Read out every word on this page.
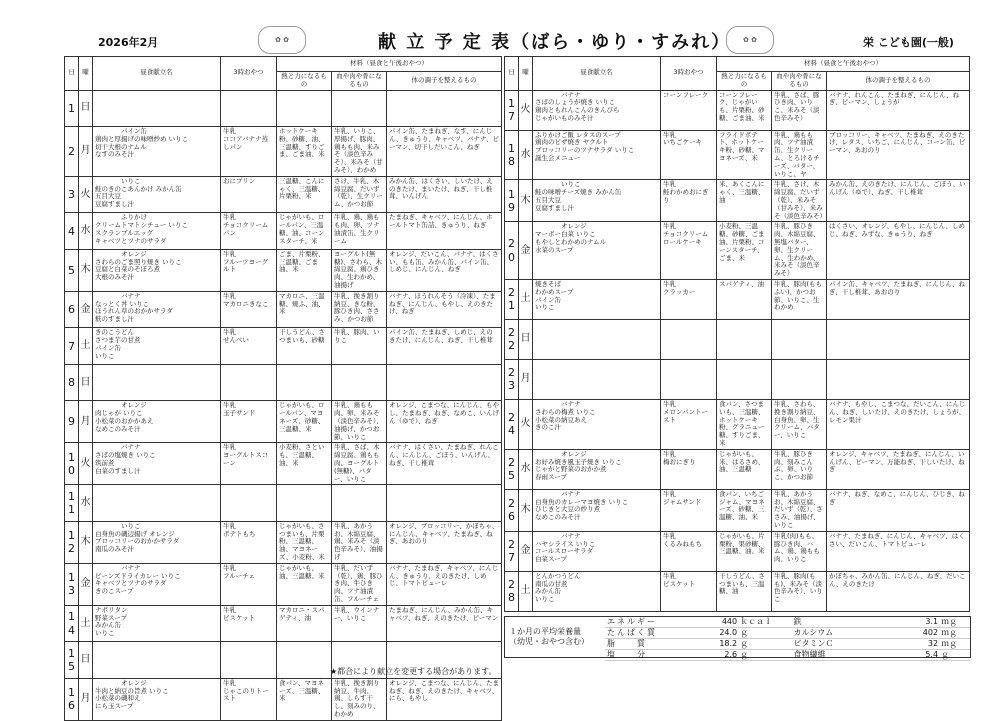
2026年2月	✿ ✿	献 立 予 定 表（ばら・ゆり・すみれ）	✿ ✿	栄 こども園(一般)
日	曜	昼食献立名	3時おやつ	材料（昼食と午後おやつ）		
				熱と力になるもの	血や肉や骨になるもの	体の調子を整えるもの
1	日					
2	月	　　　　パイン缶
鶏肉と厚揚げの味噌炒め いりこ
切干大根のナムル
なすのみそ汁	牛乳
ココアバナナ蒸しパン	ホットケーキ粉、砂糖、油、三温糖、すりごま、ごま油、米	牛乳、いりこ、厚揚げ、豚肉、鶏もも肉、米みそ（淡色辛みそ）、米みそ（甘みそ）、わかめ	パイン缶、たまねぎ、なす、にんじん、きゅうり、キャベツ、バナナ、ピーマン、切干しだいこん、ねぎ
3	火	　　　　いりこ
鮭のきのこあんかけ みかん缶
五目大豆
豆腐すまし汁	おにプリン	三温糖、こんにゃく、三温糖、片栗粉、米	さけ、牛乳、木綿豆腐、だいず（乾）、生クリーム、かつお節	みかん缶、はくさい、しいたけ、えのきたけ、まいたけ、ねぎ、干し椎茸、いんげん
4	水	　　　　ふりかけ
クリームトマトシチュー いりこ
スクランブルエッグ
キャベツとツナのサラダ	牛乳
チョコクリームパン	じゃがいも、ロールパン、三温糖、油、コーンスターチ、米	牛乳、鶏、鶏もも肉、卵、ツナ油漬缶、生クリーム	たまねぎ、キャベツ、にんじん、ホールトマト缶詰、きゅうり、ねぎ
5	木	　　　　オレンジ
さわらのごま照り焼き いりこ
豆腐と白菜のそぼろ煮
大根のみそ汁	牛乳
フルーツヨーグルト	ごま、片栗粉、三温糖、ごま油、米	ヨーグルト(無糖)、さわら、木綿豆腐、鶏ひき肉、生わかめ、油揚げ	オレンジ、だいこん、バナナ、はくさい、もも缶、みかん缶、パイン缶、しめじ、にんじん、ねぎ
6	金	　　　　バナナ
なっとく丼 いりこ
ほうれん草のおかかサラダ
麩のすまし汁	牛乳
マカロニきなこ	マカロニ、三温糖、焼ふ、油、米	牛乳、挽き割り納豆、きな粉、豚ひき肉、ささみ、かつお節	バナナ、ほうれんそう（冷凍）、たまねぎ、にんじん、もやし、えのきたけ、ねぎ
7	土	きのこうどん
さつま芋の甘煮
パイン缶
いりこ	牛乳
せんべい	干しうどん、さつまいも、砂糖	牛乳、豚肉、いりこ	パイン缶、たまねぎ、しめじ、えのきたけ、にんじん、ねぎ、干し椎茸
8	日					
9	月	　　　　オレンジ
肉じゃが いりこ
小松菜のおかかあえ
なめこのみそ汁	牛乳
玉子サンド	じゃがいも、ロールパン、マヨネーズ、砂糖、三温糖、米	牛乳、鶏もも肉、卵、米みそ（淡色辛みそ）、油揚げ、かつお節、いりこ	オレンジ、こまつな、にんじん、もやし、たまねぎ、ねぎ、なめこ、いんげん（ゆで）、ねぎ
10	火	　　　　バナナ
さばの塩焼き いりこ
筑前煮
白菜のすまし汁	牛乳
ヨーグルトスコーン	小麦粉、さといも、三温糖、油、米	牛乳、さば、木綿豆腐、鶏もも肉、ヨーグルト(無糖)、バター、いりこ	バナナ、はくさい、たまねぎ、れんこん、にんじん、ごぼう、いんげん、ねぎ、干し椎茸
11	水					
12	木	　　　　いりこ
白身魚の磯辺揚げ オレンジ
ブロッコリーのおかかサラダ
南瓜のみそ汁	牛乳
ポテトもち	じゃがいも、さつまいも、片栗粉、三温糖、油、マヨネーズ、小麦粉、米	牛乳、あかうお、木綿豆腐、鶏、米みそ（淡色辛みそ）、油揚げ	オレンジ、ブロッコリー、かぼちゃ、にんじん、キャベツ、たまねぎ、ねぎ、あおのり
13	金	　　　　バナナ
ビーンズドライカレー いりこ
キャベツとツナのサラダ
きのこスープ	牛乳
フルーチェ	じゃがいも、油、三温糖、米	牛乳、だいず（乾）、鶏、豚ひき肉、牛ひき肉、ツナ油漬缶、フルーチェ	バナナ、たまねぎ、キャベツ、にんじん、きゅうり、えのきたけ、しめじ、トマトピューレ
14	土	ナポリタン
野菜スープ
みかん缶
いりこ	牛乳
ビスケット	マカロニ・スパゲティ、油	牛乳、ウインナー、いりこ	たまねぎ、にんじん、みかん缶、キャベツ、ねぎ、えのきたけ、ピーマン
15	日					
16	月	　　　　オレンジ
牛肉と納豆の旨煮 いりこ
小松菜の磯和え
にら玉スープ	牛乳
じゃこのりトースト	食パン、マヨネーズ、三温糖、米	牛乳、挽き割り納豆、牛肉、鶏、しらす干し、刻みのり、わかめ	オレンジ、こまつな、にんじん、たまねぎ、ねぎ、えのきたけ、キャベツ、にら、もやし
日	曜	昼食献立名	3時おやつ	材料（昼食と午後おやつ）		
				熱と力になるもの	血や肉や骨になるもの	体の調子を整えるもの
17	火	　　　　バナナ
さばのしょうが焼き いりこ
鶏肉ともれんこんのきんぴら
じゃがいものみそ汁	コーンフレーク	コーンフレーク、じゃがいも、片栗粉、砂糖、ごま油、米	牛乳、さば、豚ひき肉、いりこ、米みそ（淡色辛みそ）	バナナ、れんこん、たまねぎ、にんじん、ねぎ、ピーマン、しょうが
18	水	ふりかけご飯 レタスのスープ
鶏肉のピザ焼き ヤクルト
ブロッコリーのツナサラダ いりこ
誕生会メニュー	牛乳
いちごケーキ	フライドポテト、ホットケーキ粉、砂糖、マヨネーズ、米	牛乳、鶏もも肉、ツナ油漬缶、生クリーム、とろけるチーズ、バター、いりこ、ヤ	ブロッコリー、キャベツ、たまねぎ、えのきたけ、レタス、いちご、にんじん、コーン缶、ピーマン、あおのり
19	木	　　　　いりこ
鮭の味噌チーズ焼き みかん缶
五目大豆
豆腐すまし汁	牛乳
鮭わかめおにぎり	米、あくこんにゃく、三温糖、油	牛乳、さけ、木綿豆腐、だいず（乾）、米みそ（甘みそ）、米みそ（淡色辛みそ）	みかん缶、えのきたけ、にんじん、ごぼう、いんげん（ゆで）、ねぎ、干し椎茸
20	金	　　　　オレンジ
マーボー白菜 いりこ
もやしとわかめのナムル
水菜のスープ	牛乳
チョコクリームロールケーキ	小麦粉、三温糖、砂糖、ごま油、片栗粉、コーンスターチ、ごま、米	牛乳、豚ひき肉、木綿豆腐、無塩バター、卵、生クリーム、生わかめ、米みそ（淡色辛みそ）	はくさい、オレンジ、もやし、にんじん、しめじ、ねぎ、みずな、きゅうり、ねぎ
21	土	焼きそば
わかめスープ
パイン缶
いりこ	牛乳
クラッカー	スパゲティ、油	牛乳、豚肉(ももふい)、かつお節、いりこ、生わかめ	パイン缶、キャベツ、たまねぎ、にんじん、ねぎ、干し椎茸、あおのり
22	日					
23	月					
24	火	　　　　バナナ
さわらの梅煮 いりこ
小松菜の納豆あえ
きのこ汁	牛乳
メロンパントースト	食パン、さつまいも、三温糖、ホットケーキ粉、グラニュー糖、すりごま、米	牛乳、さわら、挽き割り納豆、白身魚、卵、生クリーム、バター、いりこ	バナナ、もやし、こまつな、だいこん、にんじん、ねぎ、しいたけ、えのきたけ、しょうが、レモン果汁
25	水	　　　　オレンジ
お好み焼き風玉子焼き いりこ
じゃがと野菜のおかか煮
春雨スープ	牛乳
梅おにぎり	じゃがいも、米、はるさめ、油、三温糖	牛乳、豚ひき肉、刻みこんぶ、卵、いりこ、かつお節	オレンジ、キャベツ、たまねぎ、にんじん、いんげん、ピーマン、万能ねぎ、干しいたけ、ねぎ
26	木	　　　　バナナ
白身魚のカレーマヨ焼き いりこ
ひじきと大豆の炒り煮
なめこのみそ汁	牛乳
ジャムサンド	食パン、いちごジャム、マヨネーズ、砂糖、三温糖、油、米	牛乳、あかうお、木綿豆腐、だいず（乾）、ささみ、油揚げ、いりこ	バナナ、ねぎ、なめこ、にんじん、ひじき、ねぎ
27	金	　　　　バナナ
ハヤシライス いりこ
コールスローサラダ
白菜スープ	牛乳
くるみねもち	じゃがいも、片栗粉、果砂糖、三温糖、油、米	牛乳(肉)もも、豚ひき肉、ハム、鶏、鶏もも肉、いりこ	バナナ、たまねぎ、にんじん、キャベツ、はくさい、だいこん、トマトピューレ
28	土	とんかつうどん
南瓜の甘煮
みかん缶
いりこ	牛乳
ビスケット	干しうどん、さつまいも、三温糖、油	牛乳、豚肉(もも)、米みそ（淡色辛みそ）、いりこ	かぼちゃ、みかん缶、にんじん、ねぎ、だいこん、えのきたけ
１か月の平均栄養量
（幼児・おやつ含む）
エネルギー	440 ｋｃａｌ	鉄	3.1 ｍｇ
たんぱく質	24.0 ｇ	カルシウム	402 ｍｇ
脂　　質	18.2 ｇ	ビタミンＣ	32 ｍｇ
塩　　分	2.6 ｇ	食物繊維	5.4 ｇ
★都合により献立を変更する場合があります。
